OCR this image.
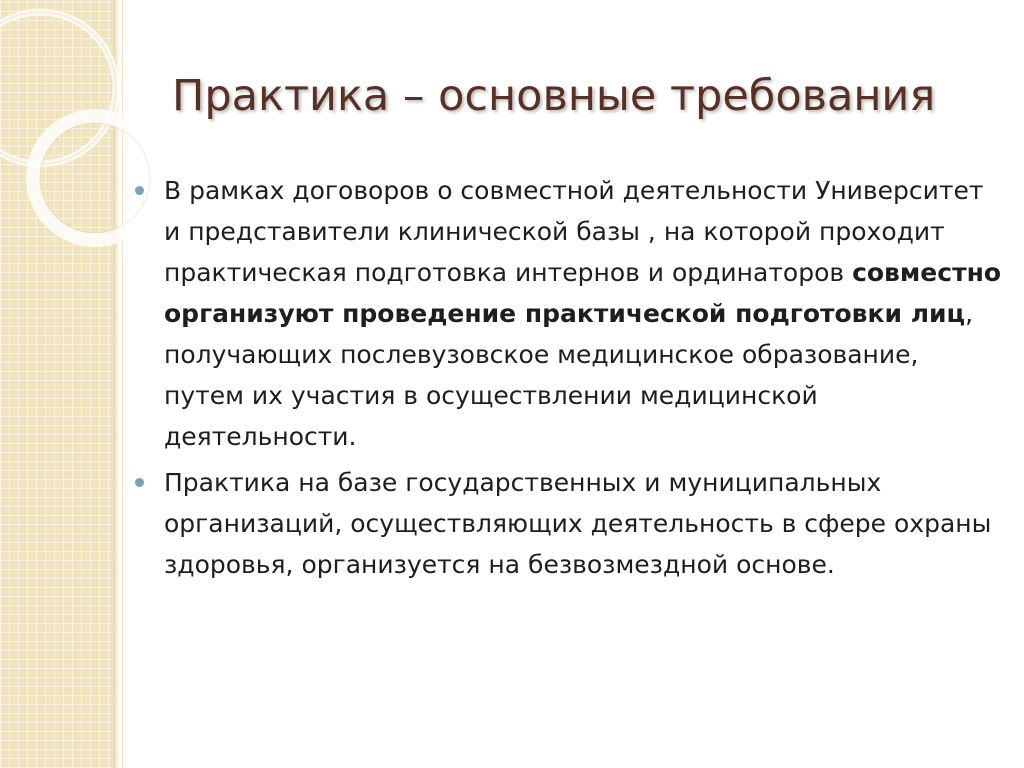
Практика – основные требования
В рамках договоров о совместной деятельности Университет и представители клинической базы , на которой проходит практическая подготовка интернов и ординаторов совместно организуют проведение практической подготовки лиц, получающих послевузовское медицинское образование, путем их участия в осуществлении медицинской деятельности.
Практика на базе государственных и муниципальных организаций, осуществляющих деятельность в сфере охраны здоровья, организуется на безвозмездной основе.
